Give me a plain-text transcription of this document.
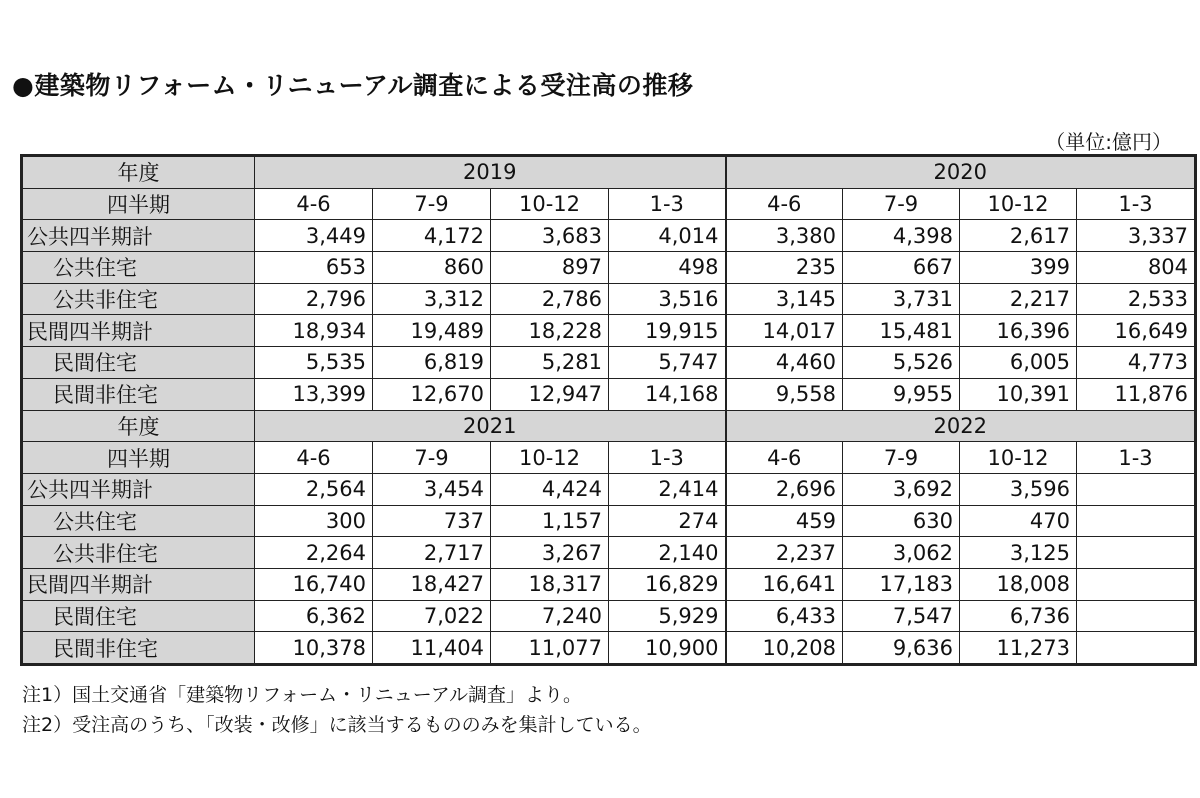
●建築物リフォーム・リニューアル調査による受注高の推移
（単位:億円）
年度	2019				2020			
四半期	4-6	7-9	10-12	1-3	4-6	7-9	10-12	1-3
公共四半期計	3,449	4,172	3,683	4,014	3,380	4,398	2,617	3,337
公共住宅	653	860	897	498	235	667	399	804
公共非住宅	2,796	3,312	2,786	3,516	3,145	3,731	2,217	2,533
民間四半期計	18,934	19,489	18,228	19,915	14,017	15,481	16,396	16,649
民間住宅	5,535	6,819	5,281	5,747	4,460	5,526	6,005	4,773
民間非住宅	13,399	12,670	12,947	14,168	9,558	9,955	10,391	11,876
年度	2021				2022			
四半期	4-6	7-9	10-12	1-3	4-6	7-9	10-12	1-3
公共四半期計	2,564	3,454	4,424	2,414	2,696	3,692	3,596	
公共住宅	300	737	1,157	274	459	630	470	
公共非住宅	2,264	2,717	3,267	2,140	2,237	3,062	3,125	
民間四半期計	16,740	18,427	18,317	16,829	16,641	17,183	18,008	
民間住宅	6,362	7,022	7,240	5,929	6,433	7,547	6,736	
民間非住宅	10,378	11,404	11,077	10,900	10,208	9,636	11,273	
注1）国土交通省「建築物リフォーム・リニューアル調査」より。
注2）受注高のうち、「改装・改修」に該当するもののみを集計している。
